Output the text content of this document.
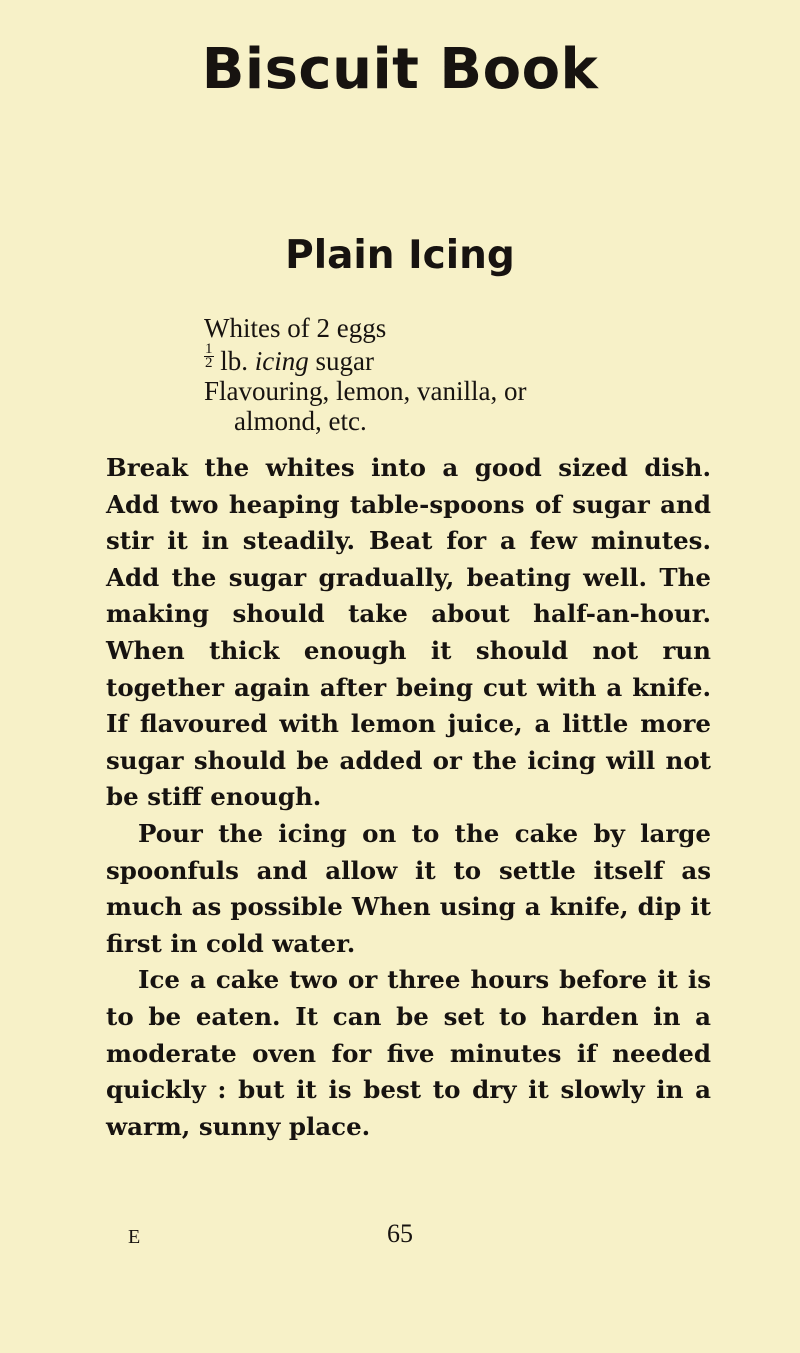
Biscuit Book
Plain Icing
Whites of 2 eggs
$\frac{1}{2}$ lb. icing sugar
Flavouring, lemon, vanilla, or
almond, etc.

Break the whites into a good sized dish. Add two heaping table-spoons of sugar and stir it in steadily. Beat for a few minutes. Add the sugar gradually, beating well. The making should take about half-an-hour. When thick enough it should not run together again after being cut with a knife. If flavoured with lemon juice, a little more sugar should be added or the icing will not be stiff enough.

Pour the icing on to the cake by large spoonfuls and allow it to settle itself as much as possible When using a knife, dip it first in cold water.

Ice a cake two or three hours before it is to be eaten. It can be set to harden in a moderate oven for five minutes if needed quickly : but it is best to dry it slowly in a warm, sunny place.

E	65
